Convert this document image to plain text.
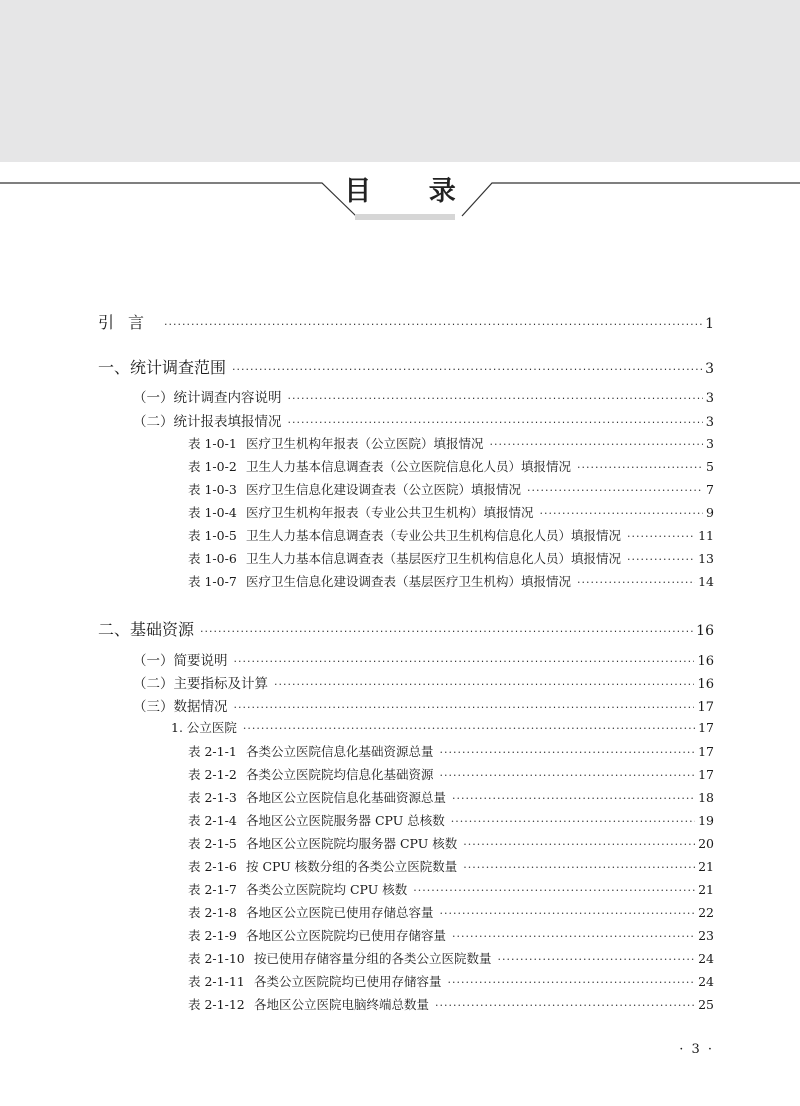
目 录
引言 ·····	1
一、统计调查范围 ·····	3
（一）统计调查内容说明 ·····	3
（二）统计报表填报情况 ·····	3
表 1-0-1 医疗卫生机构年报表（公立医院）填报情况 ·····	3
表 1-0-2 卫生人力基本信息调查表（公立医院信息化人员）填报情况 ·····	5
表 1-0-3 医疗卫生信息化建设调查表（公立医院）填报情况 ·····	7
表 1-0-4 医疗卫生机构年报表（专业公共卫生机构）填报情况 ·····	9
表 1-0-5 卫生人力基本信息调查表（专业公共卫生机构信息化人员）填报情况 ·····	11
表 1-0-6 卫生人力基本信息调查表（基层医疗卫生机构信息化人员）填报情况 ·····	13
表 1-0-7 医疗卫生信息化建设调查表（基层医疗卫生机构）填报情况 ·····	14
二、基础资源 ·····	16
（一）简要说明 ·····	16
（二）主要指标及计算 ·····	16
（三）数据情况 ·····	17
1. 公立医院 ·····	17
表 2-1-1 各类公立医院信息化基础资源总量 ·····	17
表 2-1-2 各类公立医院院均信息化基础资源 ·····	17
表 2-1-3 各地区公立医院信息化基础资源总量 ·····	18
表 2-1-4 各地区公立医院服务器 CPU 总核数 ·····	19
表 2-1-5 各地区公立医院院均服务器 CPU 核数 ·····	20
表 2-1-6 按 CPU 核数分组的各类公立医院数量 ·····	21
表 2-1-7 各类公立医院院均 CPU 核数 ·····	21
表 2-1-8 各地区公立医院已使用存储总容量 ·····	22
表 2-1-9 各地区公立医院院均已使用存储容量 ·····	23
表 2-1-10 按已使用存储容量分组的各类公立医院数量 ·····	24
表 2-1-11 各类公立医院院均已使用存储容量 ·····	24
表 2-1-12 各地区公立医院电脑终端总数量 ·····	25
· 3 ·
